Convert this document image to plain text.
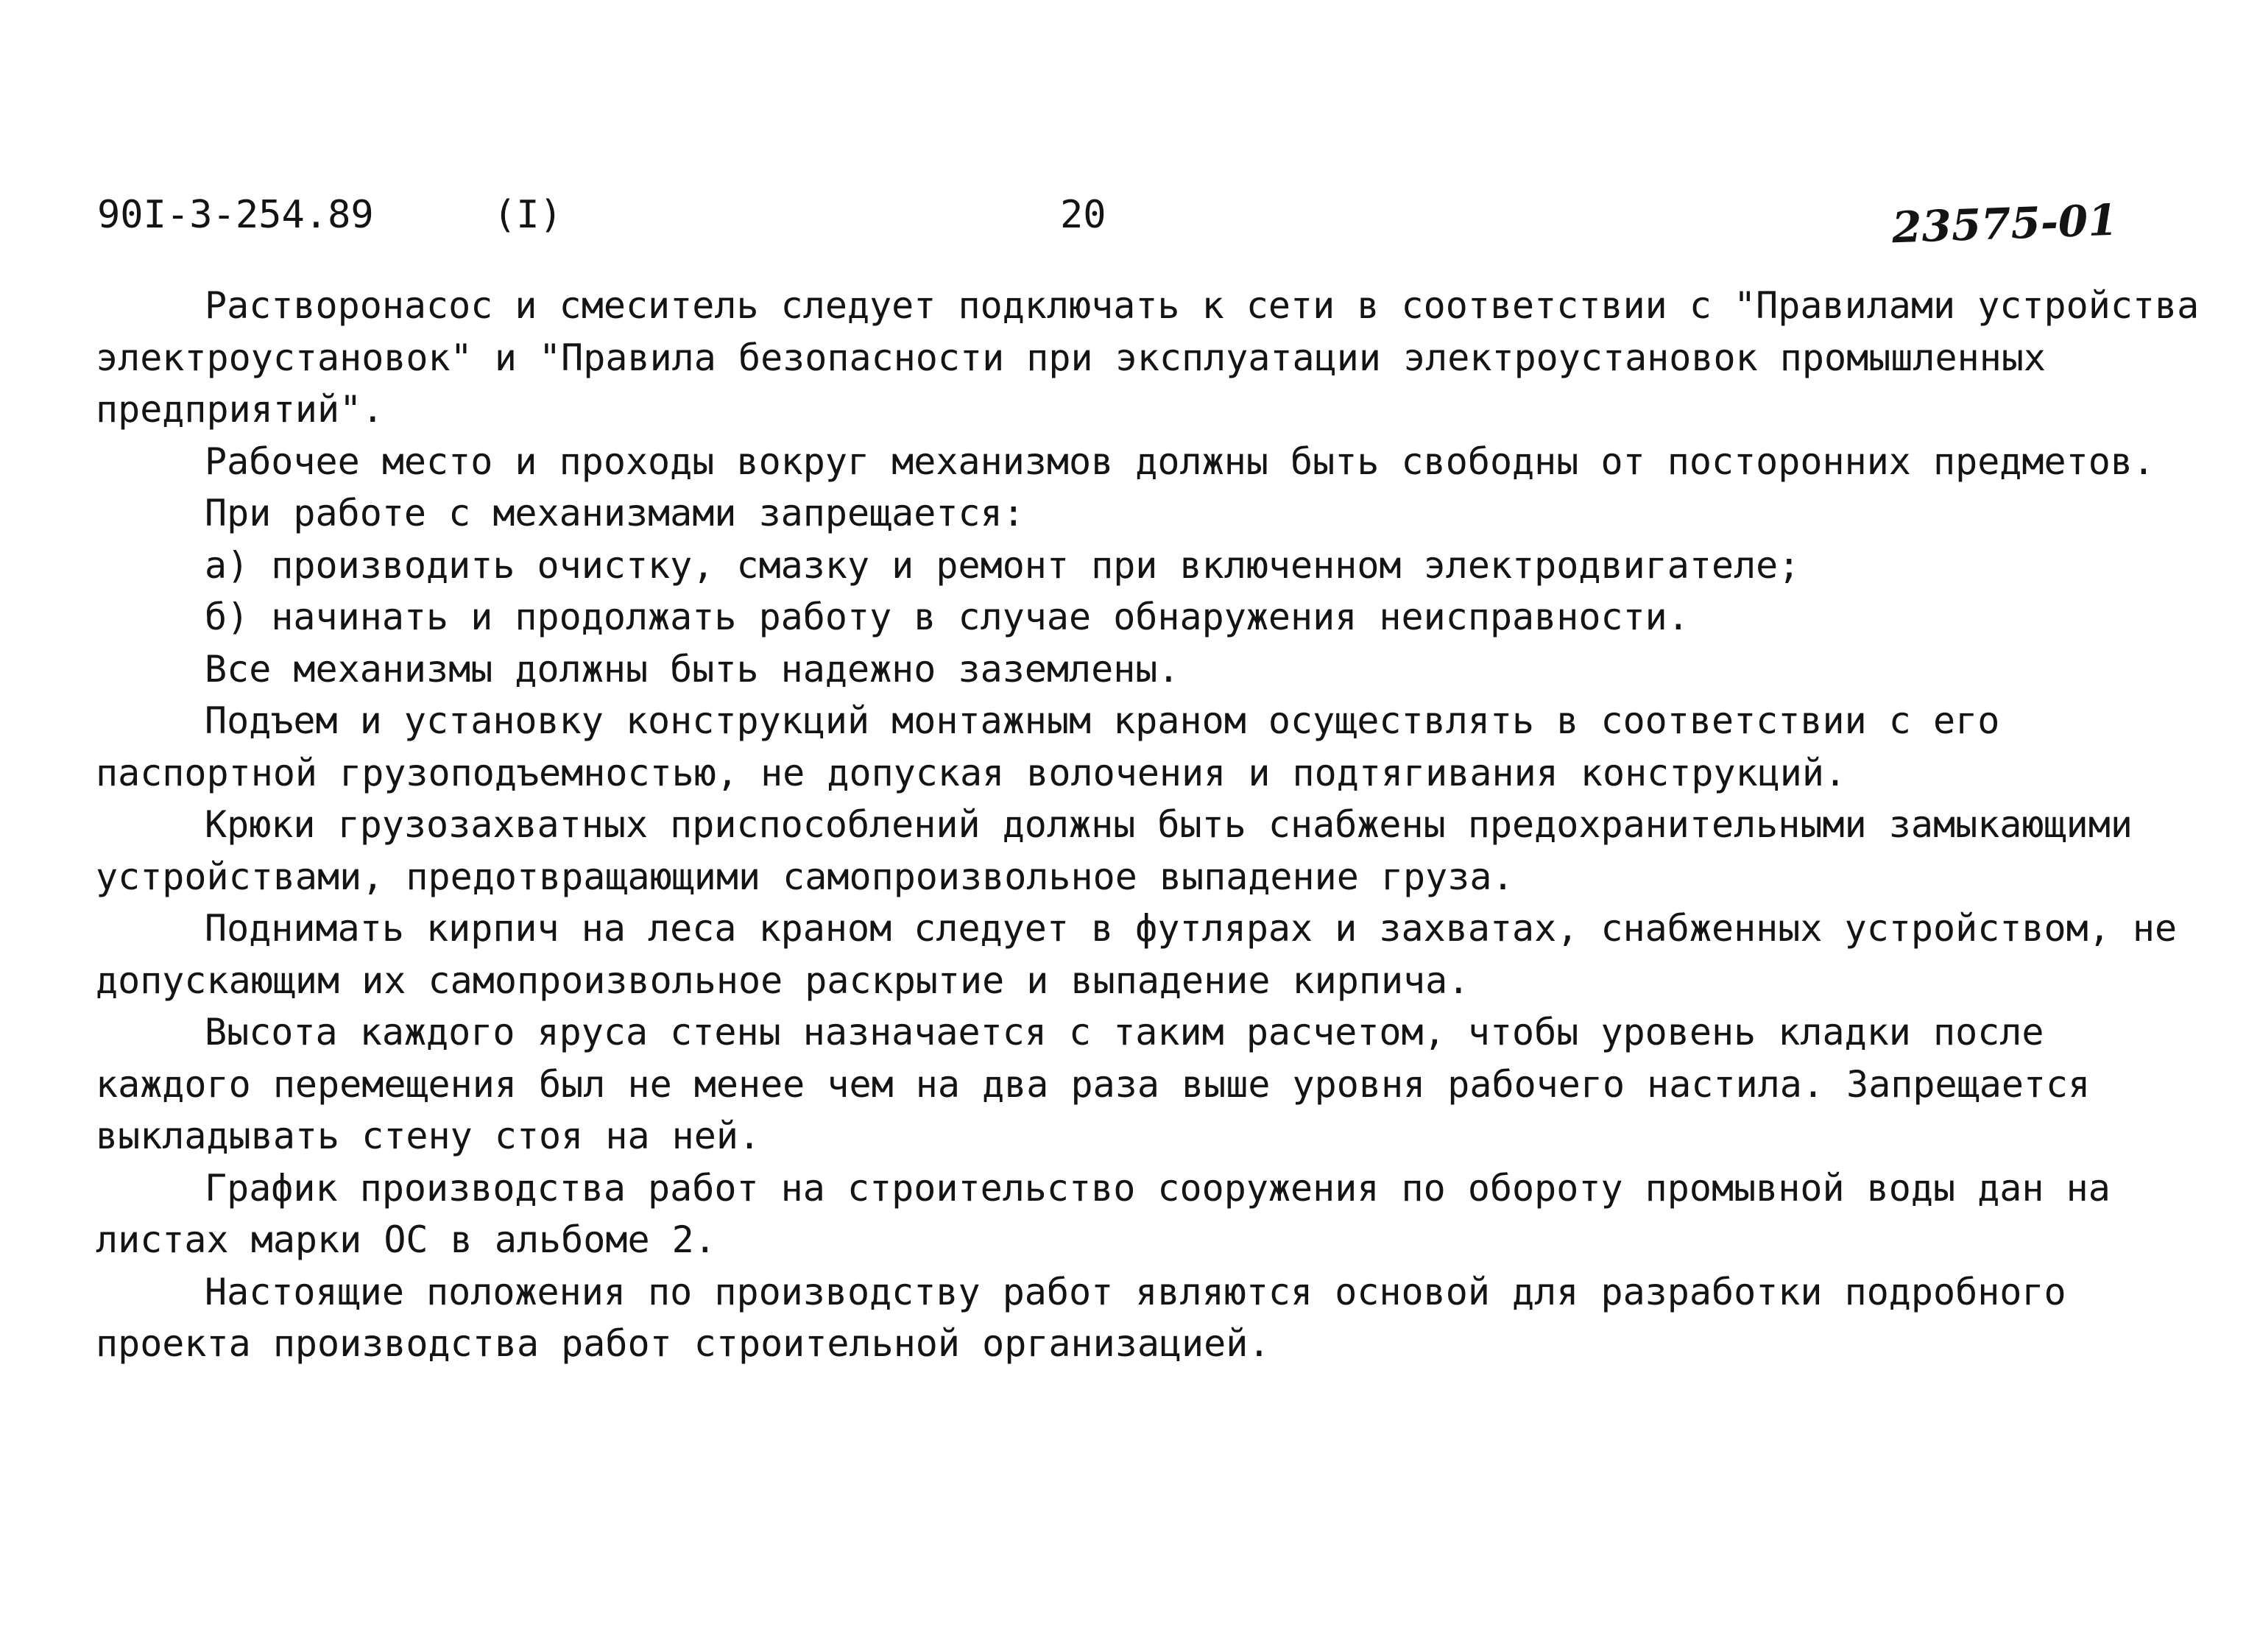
90I-3-254.89	(I)	20	23575-01

Растворонасос и смеситель следует подключать к сети в соответствии с "Правилами устройства электроустановок" и "Правила безопасности при эксплуатации электроустановок промышленных предприятий".

Рабочее место и проходы вокруг механизмов должны быть свободны от посторонних предметов.

При работе с механизмами запрещается:

а) производить очистку, смазку и ремонт при включенном электродвигателе;

б) начинать и продолжать работу в случае обнаружения неисправности.

Все механизмы должны быть надежно заземлены.

Подъем и установку конструкций монтажным краном осуществлять в соответствии с его паспортной грузоподъемностью, не допуская волочения и подтягивания конструкций.

Крюки грузозахватных приспособлений должны быть снабжены предохранительными замыкающими устройствами, предотвращающими самопроизвольное выпадение груза.

Поднимать кирпич на леса краном следует в футлярах и захватах, снабженных устройством, не допускающим их самопроизвольное раскрытие и выпадение кирпича.

Высота каждого яруса стены назначается с таким расчетом, чтобы уровень кладки после каждого перемещения был не менее чем на два раза выше уровня рабочего настила. Запрещается выкладывать стену стоя на ней.

График производства работ на строительство сооружения по обороту промывной воды дан на листах марки ОС в альбоме 2.

Настоящие положения по производству работ являются основой для разработки подробного проекта производства работ строительной организацией.
